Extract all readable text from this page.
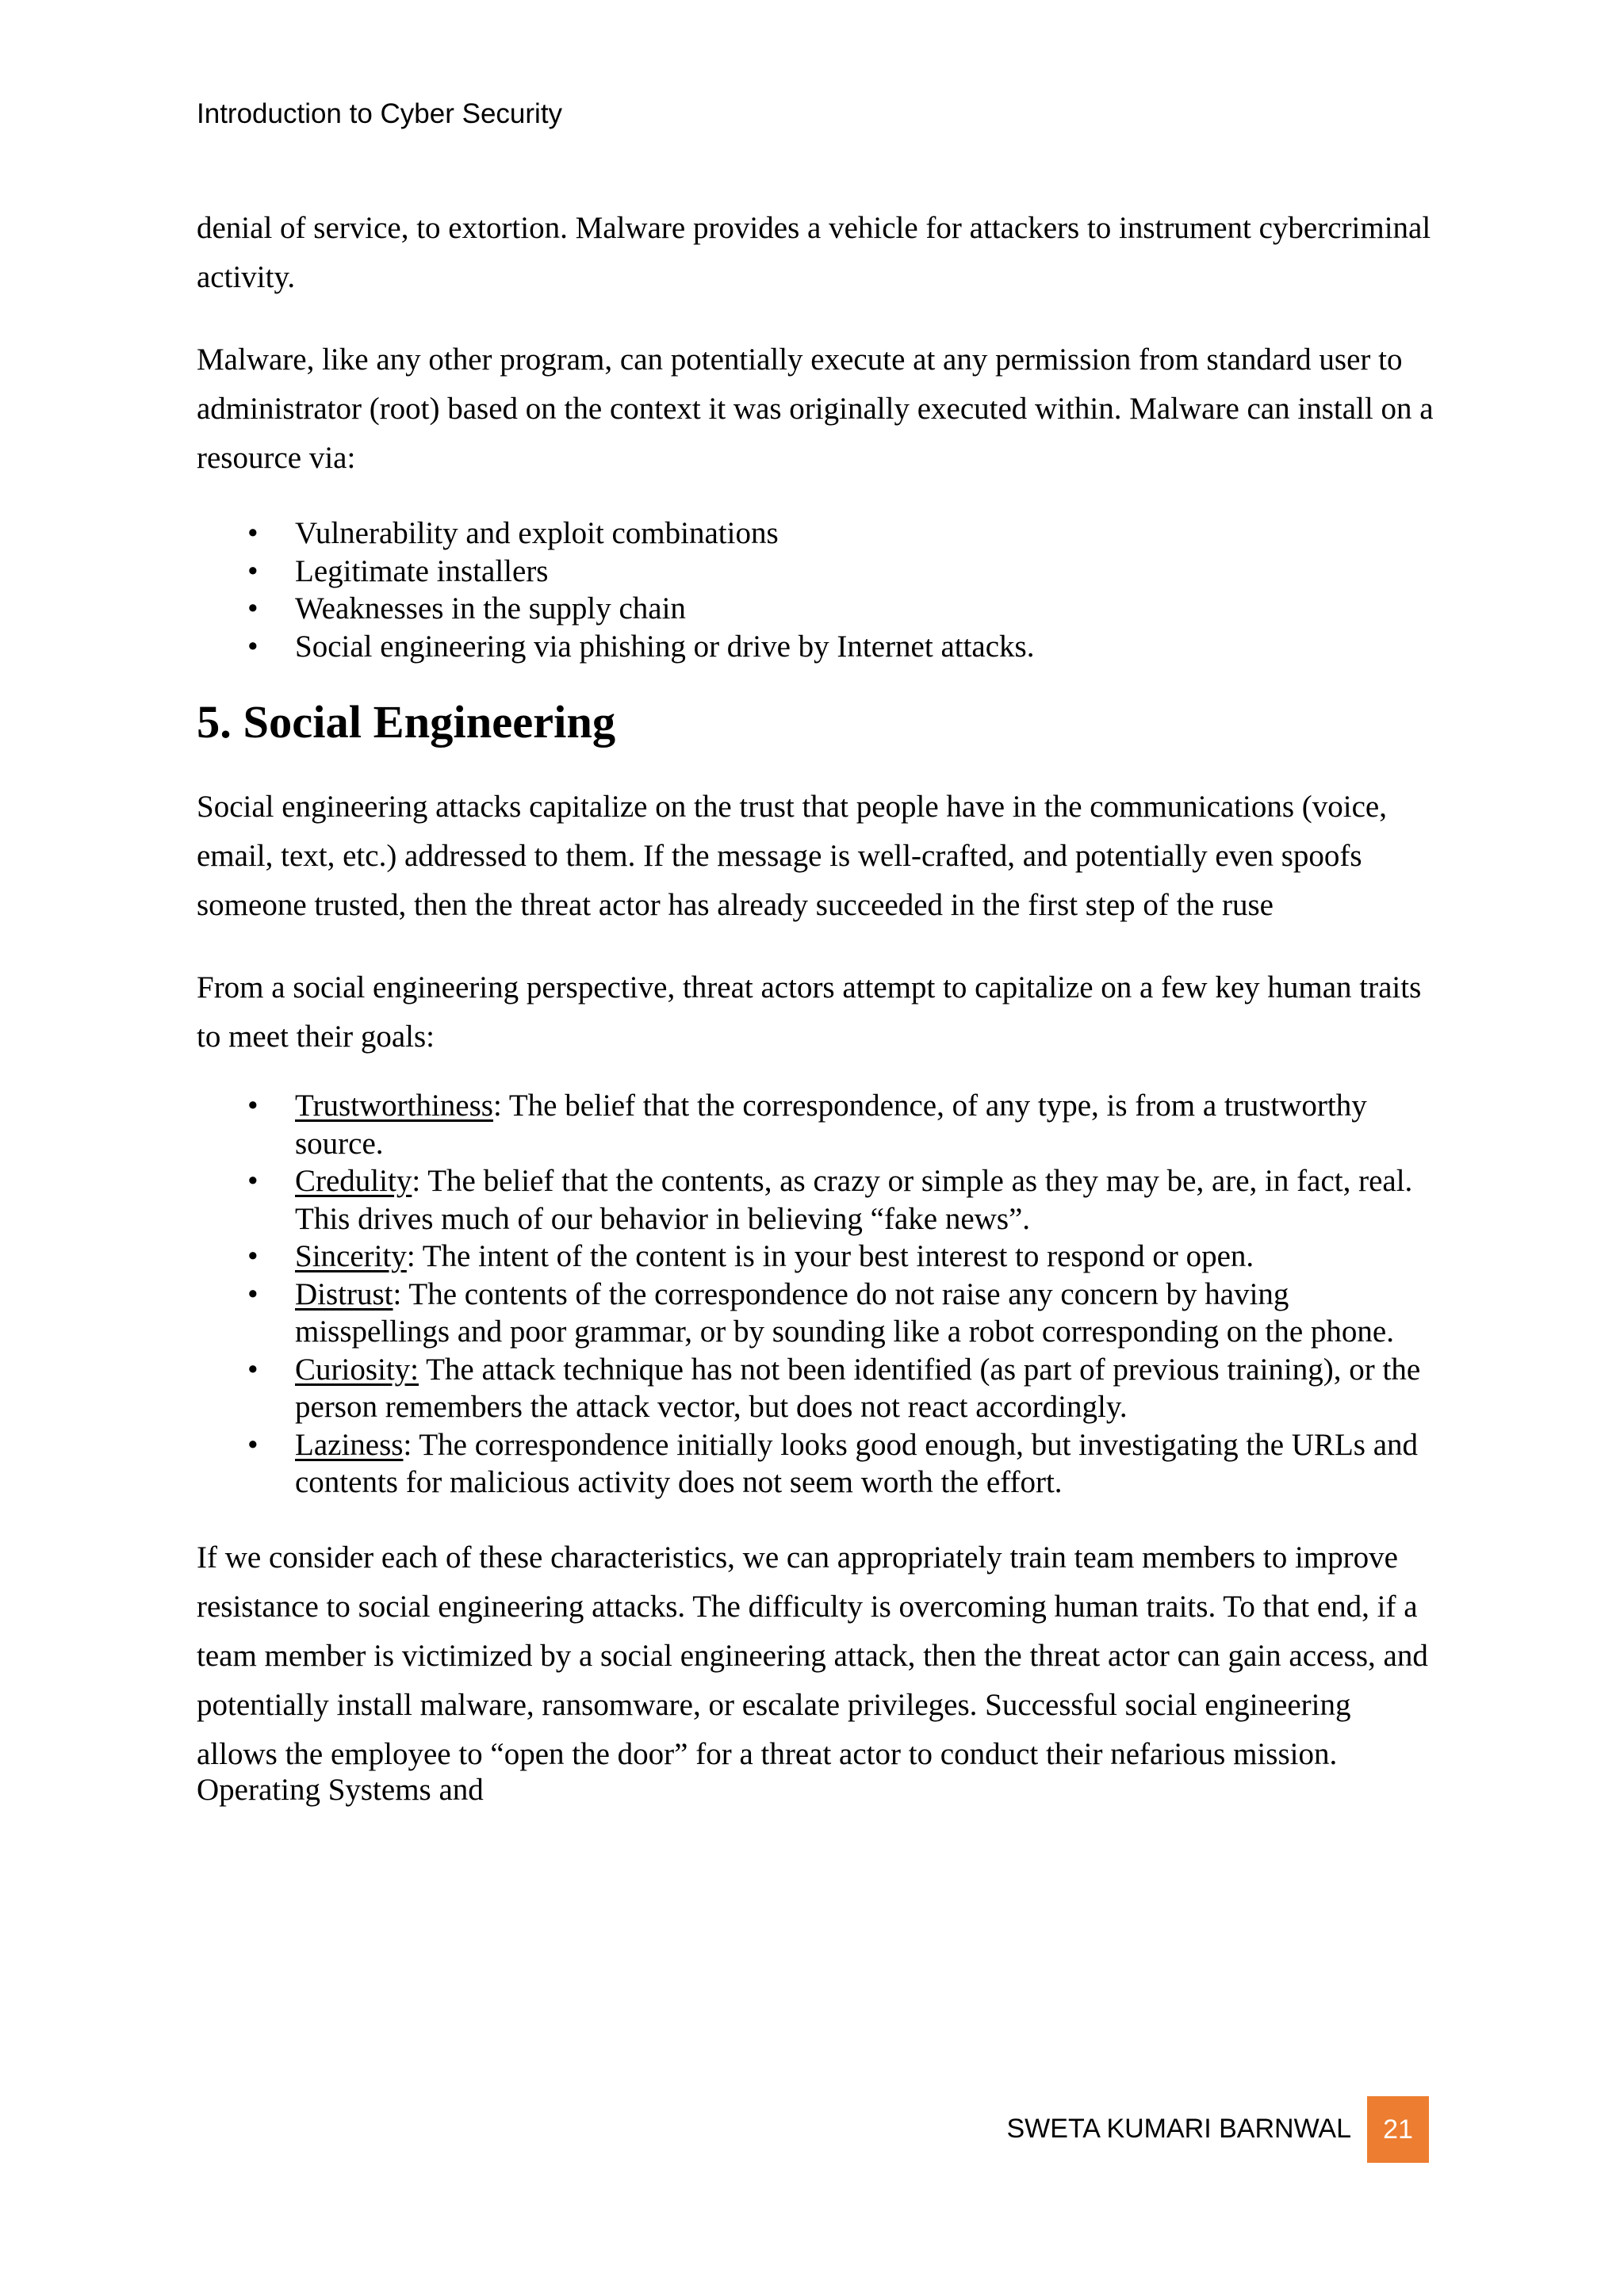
Introduction to Cyber Security

denial of service, to extortion. Malware provides a vehicle for attackers to instrument cybercriminal activity.

Malware, like any other program, can potentially execute at any permission from standard user to administrator (root) based on the context it was originally executed within. Malware can install on a resource via:

• Vulnerability and exploit combinations
• Legitimate installers
• Weaknesses in the supply chain
• Social engineering via phishing or drive by Internet attacks.
5. Social Engineering

Social engineering attacks capitalize on the trust that people have in the communications (voice, email, text, etc.) addressed to them. If the message is well-crafted, and potentially even spoofs someone trusted, then the threat actor has already succeeded in the first step of the ruse

From a social engineering perspective, threat actors attempt to capitalize on a few key human traits to meet their goals:

• Trustworthiness: The belief that the correspondence, of any type, is from a trustworthy source.
• Credulity: The belief that the contents, as crazy or simple as they may be, are, in fact, real. This drives much of our behavior in believing “fake news”.
• Sincerity: The intent of the content is in your best interest to respond or open.
• Distrust: The contents of the correspondence do not raise any concern by having misspellings and poor grammar, or by sounding like a robot corresponding on the phone.
• Curiosity: The attack technique has not been identified (as part of previous training), or the person remembers the attack vector, but does not react accordingly.
• Laziness: The correspondence initially looks good enough, but investigating the URLs and contents for malicious activity does not seem worth the effort.

If we consider each of these characteristics, we can appropriately train team members to improve resistance to social engineering attacks. The difficulty is overcoming human traits. To that end, if a team member is victimized by a social engineering attack, then the threat actor can gain access, and potentially install malware, ransomware, or escalate privileges. Successful social engineering allows the employee to “open the door” for a threat actor to conduct their nefarious mission.

Operating Systems and

SWETA KUMARI BARNWAL	21
